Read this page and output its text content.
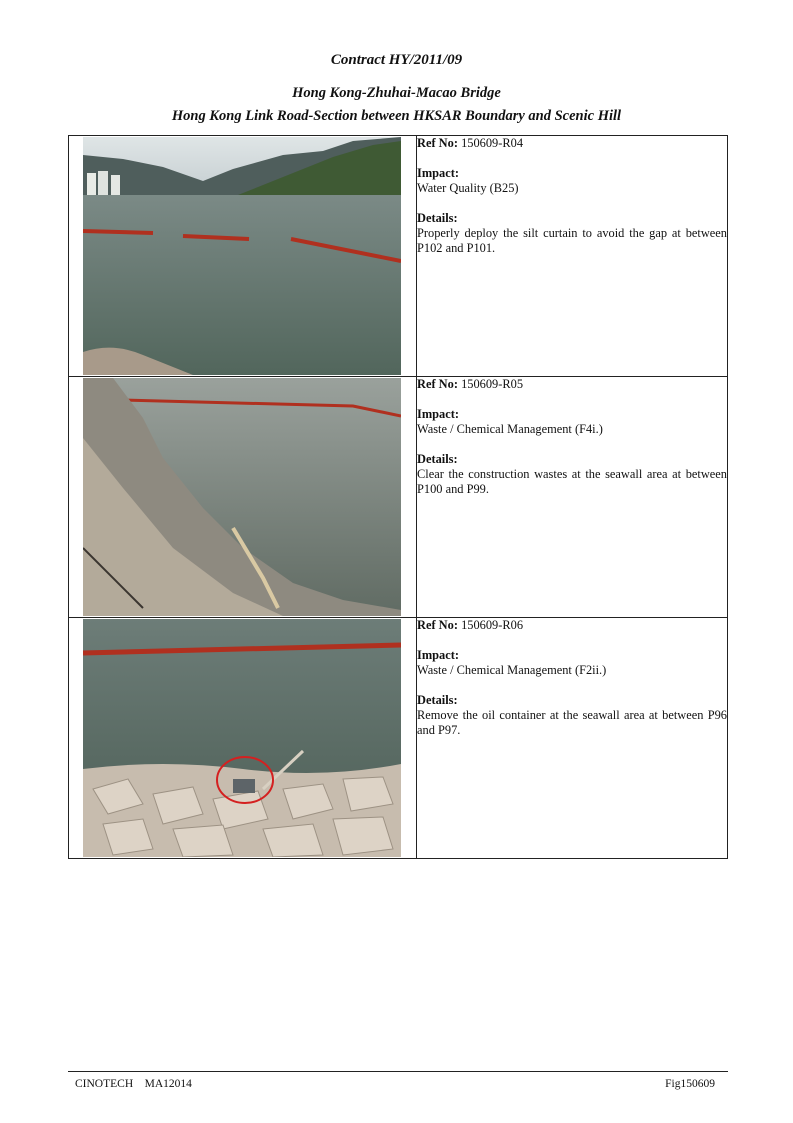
Contract HY/2011/09
Hong Kong-Zhuhai-Macao Bridge
Hong Kong Link Road-Section between HKSAR Boundary and Scenic Hill

Ref No: 150609-R04
Impact:
Water Quality (B25)
Details:
Properly deploy the silt curtain to avoid the gap at between P102 and P101.

Ref No: 150609-R05
Impact:
Waste / Chemical Management (F4i.)
Details:
Clear the construction wastes at the seawall area at between P100 and P99.

Ref No: 150609-R06
Impact:
Waste / Chemical Management (F2ii.)
Details:
Remove the oil container at the seawall area at between P96 and P97.
CINOTECH MA12014	Fig150609
